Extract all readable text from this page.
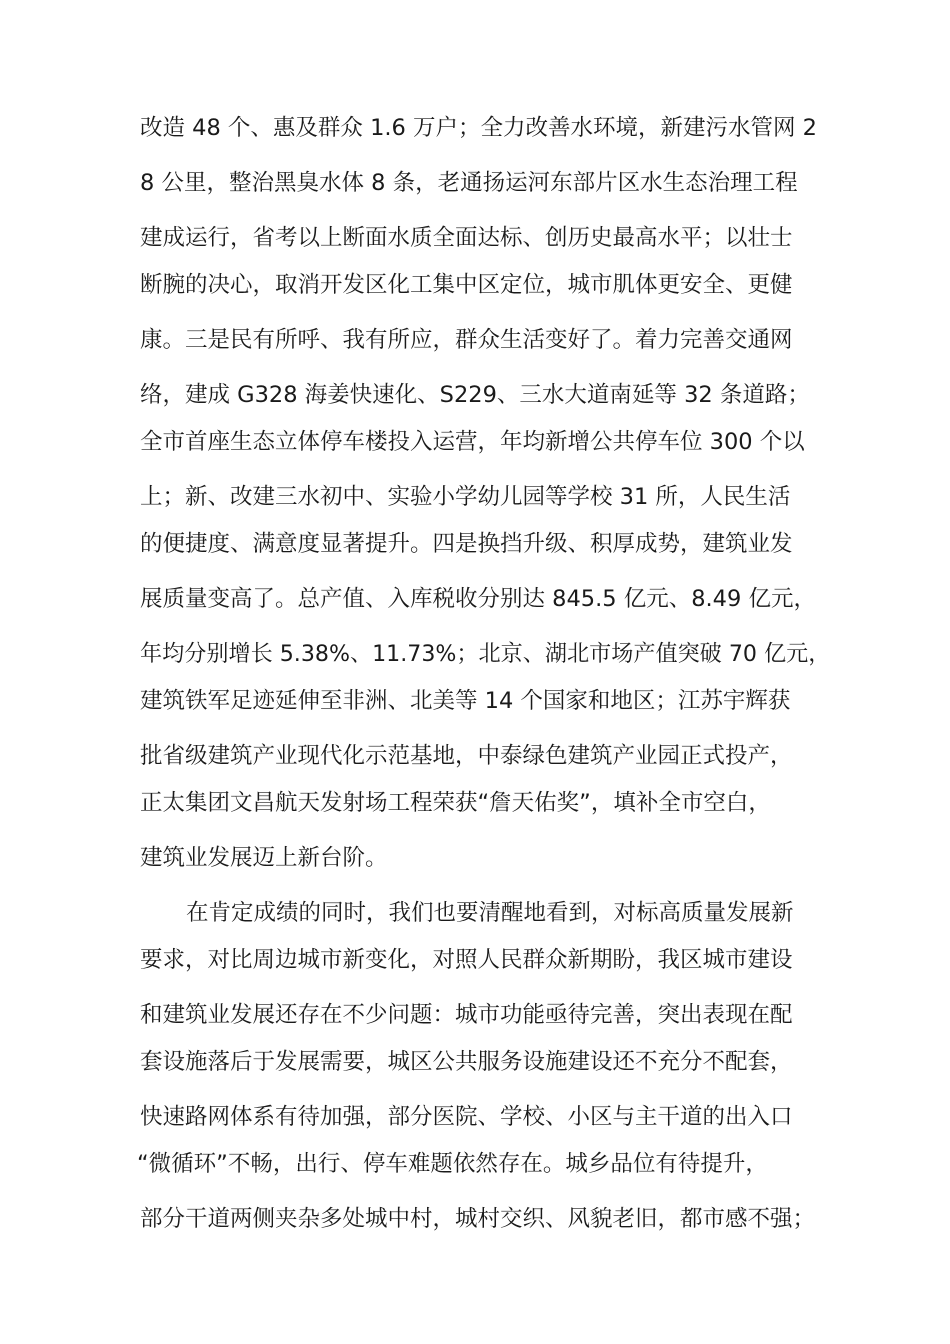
改造 48 个、惠及群众 1.6 万户；全力改善水环境，新建污水管网 2
8 公里，整治黑臭水体 8 条，老通扬运河东部片区水生态治理工程
建成运行，省考以上断面水质全面达标、创历史最高水平；以壮士
断腕的决心，取消开发区化工集中区定位，城市肌体更安全、更健
康。三是民有所呼、我有所应，群众生活变好了。着力完善交通网
络，建成 G328 海姜快速化、S229、三水大道南延等 32 条道路；
全市首座生态立体停车楼投入运营，年均新增公共停车位 300 个以
上；新、改建三水初中、实验小学幼儿园等学校 31 所，人民生活
的便捷度、满意度显著提升。四是换挡升级、积厚成势，建筑业发
展质量变高了。总产值、入库税收分别达 845.5 亿元、8.49 亿元，
年均分别增长 5.38%、11.73%；北京、湖北市场产值突破 70 亿元，
建筑铁军足迹延伸至非洲、北美等 14 个国家和地区；江苏宇辉获
批省级建筑产业现代化示范基地，中泰绿色建筑产业园正式投产，
正太集团文昌航天发射场工程荣获“詹天佑奖”，填补全市空白，
建筑业发展迈上新台阶。
在肯定成绩的同时，我们也要清醒地看到，对标高质量发展新
要求，对比周边城市新变化，对照人民群众新期盼，我区城市建设
和建筑业发展还存在不少问题：城市功能亟待完善，突出表现在配
套设施落后于发展需要，城区公共服务设施建设还不充分不配套，
快速路网体系有待加强，部分医院、学校、小区与主干道的出入口
“微循环”不畅，出行、停车难题依然存在。城乡品位有待提升，
部分干道两侧夹杂多处城中村，城村交织、风貌老旧，都市感不强；
